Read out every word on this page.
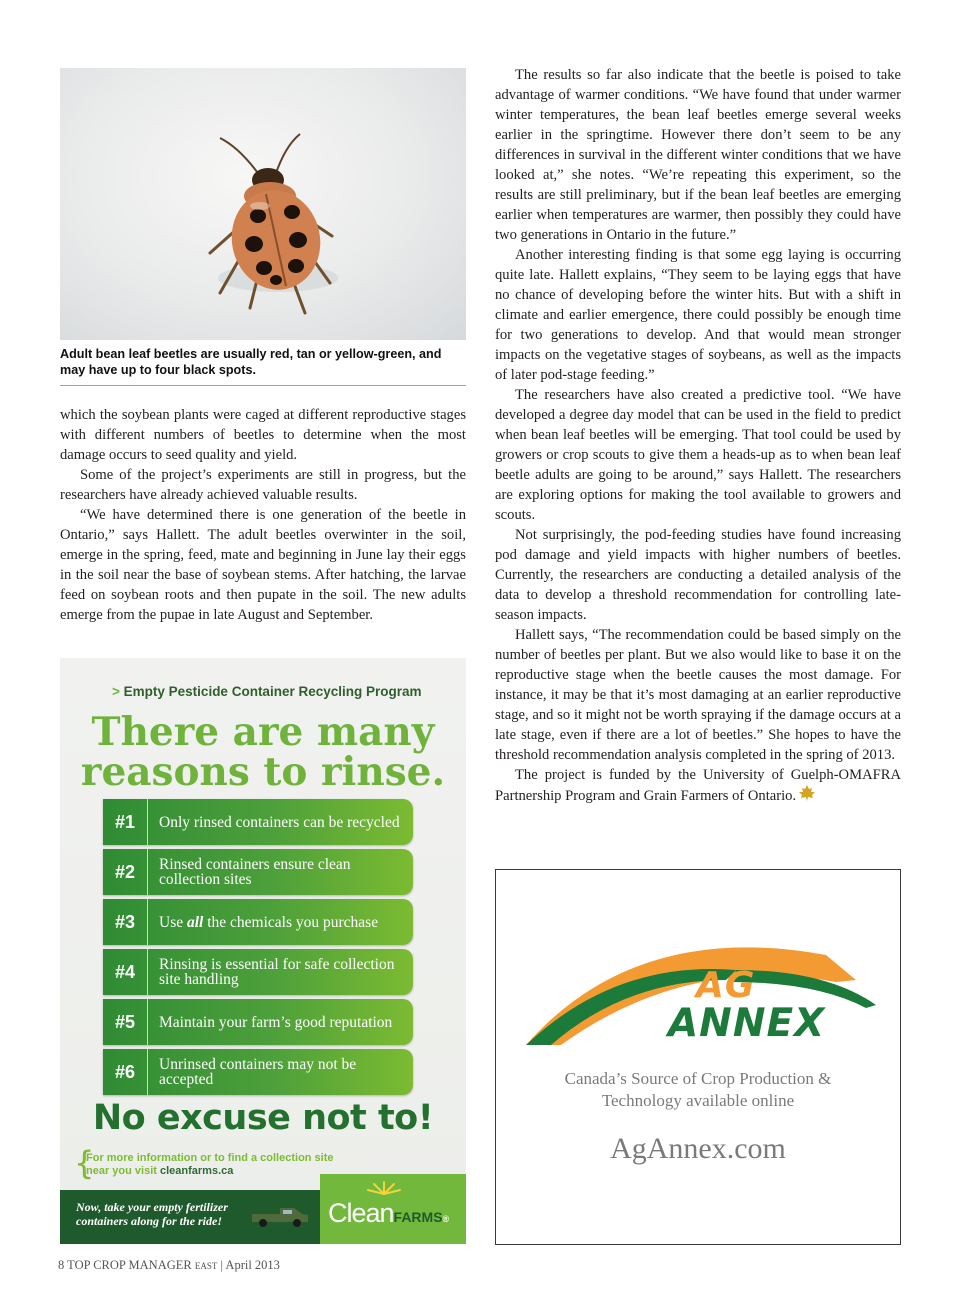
Adult bean leaf beetles are usually red, tan or yellow-green, and may have up to four black spots.

which the soybean plants were caged at different reproductive stages with different numbers of beetles to determine when the most damage occurs to seed quality and yield.

Some of the project’s experiments are still in progress, but the researchers have already achieved valuable results.

“We have determined there is one generation of the beetle in Ontario,” says Hallett. The adult beetles overwinter in the soil, emerge in the spring, feed, mate and beginning in June lay their eggs in the soil near the base of soybean stems. After hatching, the larvae feed on soybean roots and then pupate in the soil. The new adults emerge from the pupae in late August and September.

The results so far also indicate that the beetle is poised to take advantage of warmer conditions. “We have found that under warmer winter temperatures, the bean leaf beetles emerge several weeks earlier in the springtime. However there don’t seem to be any differences in survival in the different winter conditions that we have looked at,” she notes. “We’re repeating this experiment, so the results are still preliminary, but if the bean leaf beetles are emerging earlier when temperatures are warmer, then possibly they could have two generations in Ontario in the future.”

Another interesting finding is that some egg laying is occurring quite late. Hallett explains, “They seem to be laying eggs that have no chance of developing before the winter hits. But with a shift in climate and earlier emergence, there could possibly be enough time for two generations to develop. And that would mean stronger impacts on the vegetative stages of soybeans, as well as the impacts of later pod-stage feeding.”

The researchers have also created a predictive tool. “We have developed a degree day model that can be used in the field to predict when bean leaf beetles will be emerging. That tool could be used by growers or crop scouts to give them a heads-up as to when bean leaf beetle adults are going to be around,” says Hallett. The researchers are exploring options for making the tool available to growers and scouts.

Not surprisingly, the pod-feeding studies have found increasing pod damage and yield impacts with higher numbers of beetles. Currently, the researchers are conducting a detailed analysis of the data to develop a threshold recommendation for controlling late-season impacts.

Hallett says, “The recommendation could be based simply on the number of beetles per plant. But we also would like to base it on the reproductive stage when the beetle causes the most damage. For instance, it may be that it’s most damaging at an earlier reproductive stage, and so it might not be worth spraying if the damage occurs at a late stage, even if there are a lot of beetles.” She hopes to have the threshold recommendation analysis completed in the spring of 2013.

The project is funded by the University of Guelph-OMAFRA Partnership Program and Grain Farmers of Ontario.

> Empty Pesticide Container Recycling Program
There are many
reasons to rinse.
#1	Only rinsed containers can be recycled
#2	Rinsed containers ensure clean collection sites
#3	Use all the chemicals you purchase
#4	Rinsing is essential for safe collection site handling
#5	Maintain your farm’s good reputation
#6	Unrinsed containers may not be accepted
No excuse not to!
{
For more information or to find a collection site near you visit cleanfarms.ca
Now, take your empty fertilizer containers along for the ride!	CleanFARMS®
AG
ANNEX
Canada’s Source of Crop Production &
Technology available online
AgAnnex.com
8 TOP CROP MANAGER EAST | April 2013
